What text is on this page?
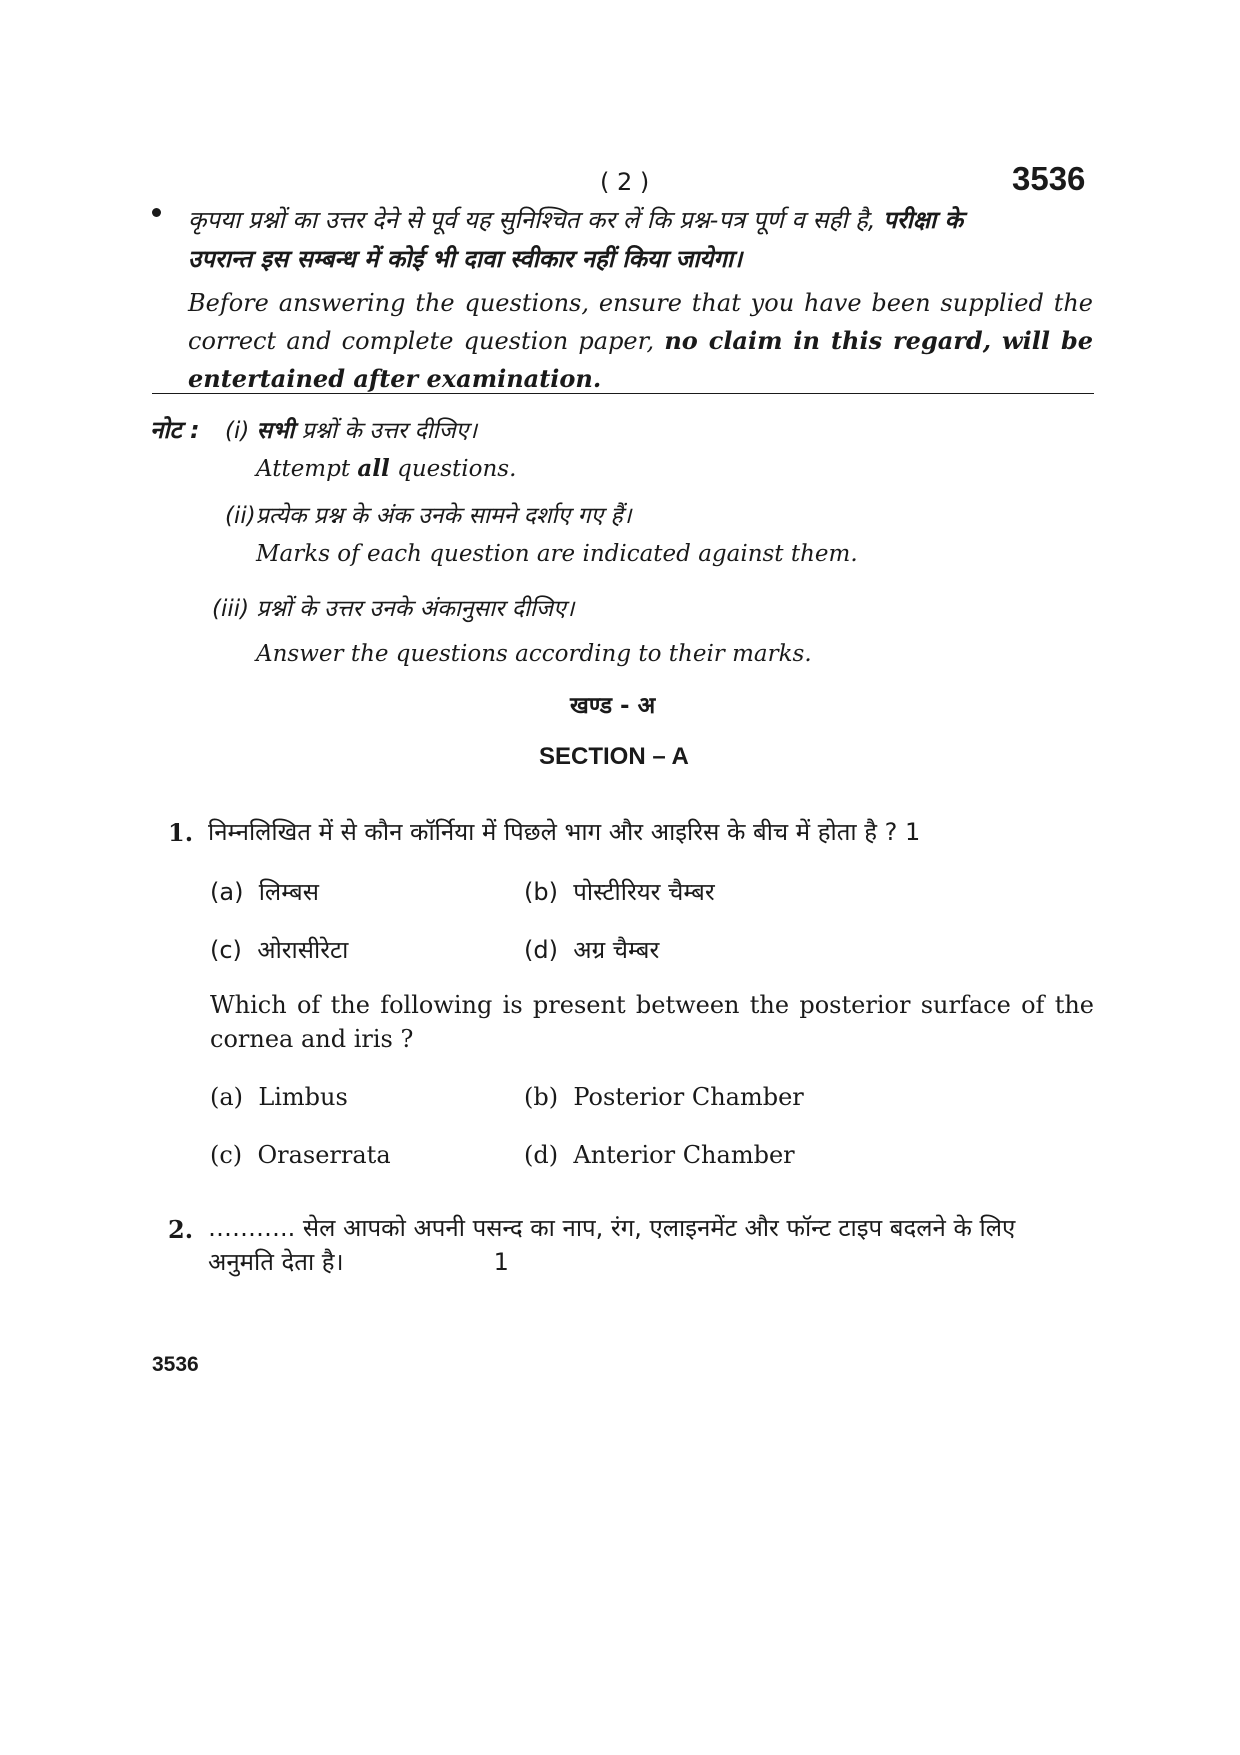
( 2 )	3536
कृपया प्रश्नों का उत्तर देने से पूर्व यह सुनिश्चित कर लें कि प्रश्न-पत्र पूर्ण व सही है, परीक्षा के
उपरान्त इस सम्बन्ध में कोई भी दावा स्वीकार नहीं किया जायेगा।
Before answering the questions, ensure that you have been supplied the correct and complete question paper, no claim in this regard, will be entertained after examination.
नोट : (i) सभी प्रश्नों के उत्तर दीजिए।
Attempt all questions.
(ii)प्रत्येक प्रश्न के अंक उनके सामने दर्शाए गए हैं।
Marks of each question are indicated against them.
(iii) प्रश्नों के उत्तर उनके अंकानुसार दीजिए।
Answer the questions according to their marks.
खण्ड - अ
SECTION – A
1. निम्नलिखित में से कौन कॉर्निया में पिछले भाग और आइरिस के बीच में होता है ? 1
(a) लिम्बस	(b) पोस्टीरियर चैम्बर
(c) ओरासीरेटा	(d) अग्र चैम्बर
Which of the following is present between the posterior surface of the cornea and iris ?
(a) Limbus	(b) Posterior Chamber
(c) Oraserrata	(d) Anterior Chamber
2. ……….. सेल आपको अपनी पसन्द का नाप, रंग, एलाइनमेंट और फॉन्ट टाइप बदलने के लिए
अनुमति देता है।	1
3536
